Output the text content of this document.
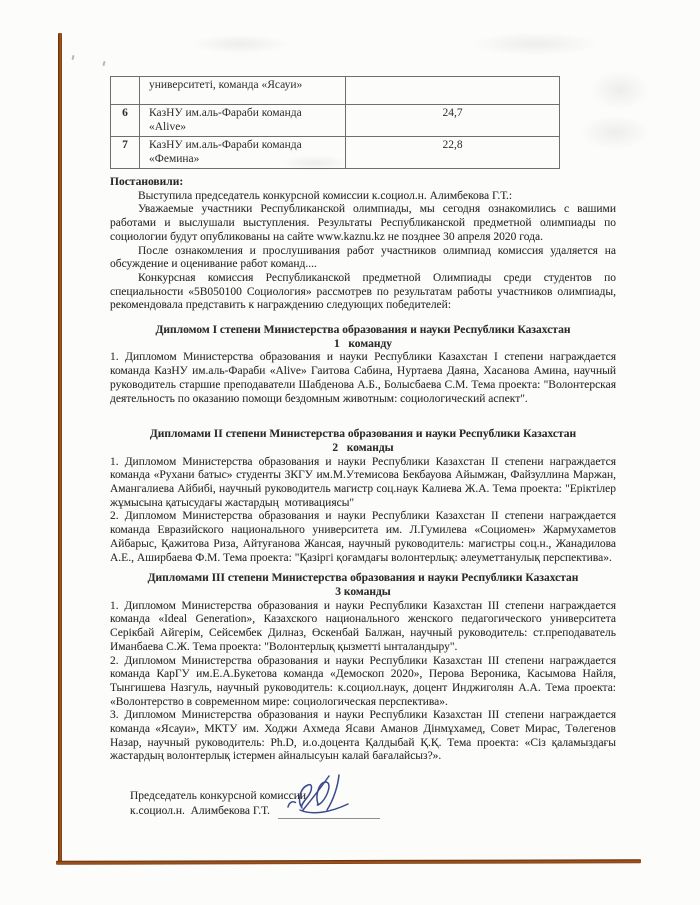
	университеті, команда «Ясауи»	
6	КазНУ им.аль-Фараби команда «Alive»	24,7
7	КазНУ им.аль-Фараби команда «Фемина»	22,8
Постановили:

Выступила председатель конкурсной комиссии к.социол.н. Алимбекова Г.Т.:

Уважаемые участники Республиканской олимпиады, мы сегодня ознакомились с вашими работами и выслушали выступления. Результаты Республиканской предметной олимпиады по социологии будут опубликованы на сайте www.kaznu.kz не позднее 30 апреля 2020 года.

После ознакомления и прослушивания работ участников олимпиад комиссия удаляется на обсуждение и оценивание работ команд....

Конкурсная комиссия Республиканской предметной Олимпиады среди студентов по специальности «5В050100 Социология» рассмотрев по результатам работы участников олимпиады, рекомендовала представить к награждению следующих победителей:

Дипломом I степени Министерства образования и науки Республики Казахстан
1   команду

1. Дипломом Министерства образования и науки Республики Казахстан I степени награждается команда КазНУ им.аль-Фараби «Alive» Гаитова Сабина, Нуртаева Даяна, Хасанова Амина, научный руководитель старшие преподаватели Шабденова А.Б., Болысбаева С.М. Тема проекта: "Волонтерская деятельность по оказанию помощи бездомным животным: социологический аспект".

Дипломами II степени Министерства образования и науки Республики Казахстан
2   команды

1. Дипломом Министерства образования и науки Республики Казахстан II степени награждается команда «Рухани батыс» студенты ЗКГУ им.М.Утемисова Бекбауова Айымжан, Файзуллина Маржан, Амангалиева Айбибі, научный руководитель магистр соц.наук Калиева Ж.А. Тема проекта: "Еріктілер жұмысына қатысудағы жастардың  мотивациясы"

2. Дипломом Министерства образования и науки Республики Казахстан II степени награждается команда Евразийского национального университета им. Л.Гумилева «Социомен» Жармухаметов Айбарыс, Қажитова Риза, Айтуғанова Жансая, научный руководитель: магистры соц.н., Жанадилова А.Е., Аширбаева Ф.М. Тема проекта: "Қазіргі қоғамдағы волонтерлық: әлеуметтанулық перспектива».

Дипломами III степени Министерства образования и науки Республики Казахстан
3 команды

1. Дипломом Министерства образования и науки Республики Казахстан III степени награждается команда «Ideal Generation», Казахского национального женского педагогического университета Серікбай Айгерім, Сейсембек Дилназ, Өскенбай Балжан, научный руководитель: ст.преподаватель Иманбаева С.Ж. Тема проекта: "Волонтерлық қызметті ынталандыру".

2. Дипломом Министерства образования и науки Республики Казахстан III степени награждается команда КарГУ им.Е.А.Букетова команда «Демоскоп 2020», Перова Вероника, Касымова Найля, Тынгишева Назгуль, научный руководитель: к.социол.наук, доцент Инджиголян А.А. Тема проекта: «Волонтерство в современном мире: социологическая перспектива».

3. Дипломом Министерства образования и науки Республики Казахстан III степени награждается команда «Ясауи», МКТУ им. Ходжи Ахмеда Ясави Аманов Дінмұхамед, Совет Мирас, Төлегенов Назар, научный руководитель: Ph.D, и.о.доцента Қалдыбай Қ.Қ. Тема проекта: «Сіз қаламыздағы жастардың волонтерлық істермен айналысуын калай бағалайсыз?».

Председатель конкурсной комиссии
к.социол.н.  Алимбекова Г.Т.
